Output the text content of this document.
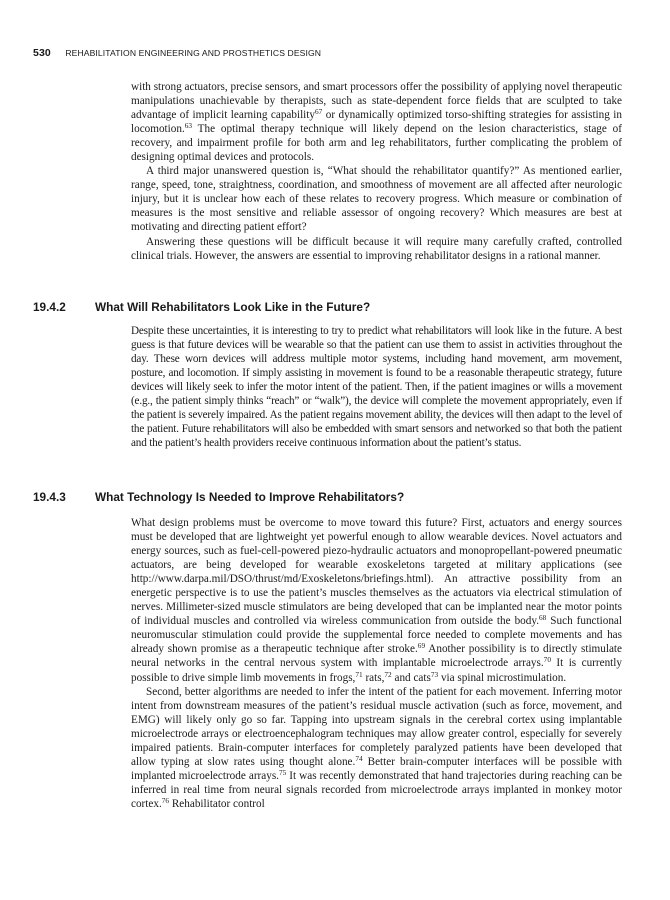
530 REHABILITATION ENGINEERING AND PROSTHETICS DESIGN

with strong actuators, precise sensors, and smart processors offer the possibility of applying novel therapeutic manipulations unachievable by therapists, such as state-dependent force fields that are sculpted to take advantage of implicit learning capability$^{67}$ or dynamically optimized torso-shifting strategies for assisting in locomotion.$^{63}$ The optimal therapy technique will likely depend on the lesion characteristics, stage of recovery, and impairment profile for both arm and leg rehabilitators, further complicating the problem of designing optimal devices and protocols.

A third major unanswered question is, “What should the rehabilitator quantify?” As mentioned earlier, range, speed, tone, straightness, coordination, and smoothness of movement are all affected after neurologic injury, but it is unclear how each of these relates to recovery progress. Which measure or combination of measures is the most sensitive and reliable assessor of ongoing recovery? Which measures are best at motivating and directing patient effort?

Answering these questions will be difficult because it will require many carefully crafted, controlled clinical trials. However, the answers are essential to improving rehabilitator designs in a rational manner.

19.4.2 What Will Rehabilitators Look Like in the Future?

Despite these uncertainties, it is interesting to try to predict what rehabilitators will look like in the future. A best guess is that future devices will be wearable so that the patient can use them to assist in activities throughout the day. These worn devices will address multiple motor systems, including hand movement, arm movement, posture, and locomotion. If simply assisting in movement is found to be a reasonable therapeutic strategy, future devices will likely seek to infer the motor intent of the patient. Then, if the patient imagines or wills a movement (e.g., the patient simply thinks “reach” or “walk”), the device will complete the movement appropriately, even if the patient is severely impaired. As the patient regains movement ability, the devices will then adapt to the level of the patient. Future rehabilitators will also be embedded with smart sensors and networked so that both the patient and the patient’s health providers receive continuous information about the patient’s status.

19.4.3 What Technology Is Needed to Improve Rehabilitators?

What design problems must be overcome to move toward this future? First, actuators and energy sources must be developed that are lightweight yet powerful enough to allow wearable devices. Novel actuators and energy sources, such as fuel-cell-powered piezo-hydraulic actuators and monopropellant-powered pneumatic actuators, are being developed for wearable exoskeletons targeted at military applications (see http://www.darpa.mil/DSO/thrust/md/Exoskeletons/briefings.html). An attractive possibility from an energetic perspective is to use the patient’s muscles themselves as the actuators via electrical stimulation of nerves. Millimeter-sized muscle stimulators are being developed that can be implanted near the motor points of individual muscles and controlled via wireless communication from outside the body.$^{68}$ Such functional neuromuscular stimulation could provide the supplemental force needed to complete movements and has already shown promise as a therapeutic technique after stroke.$^{69}$ Another possibility is to directly stimulate neural networks in the central nervous system with implantable microelectrode arrays.$^{70}$ It is currently possible to drive simple limb movements in frogs,$^{71}$ rats,$^{72}$ and cats$^{73}$ via spinal microstimulation.

Second, better algorithms are needed to infer the intent of the patient for each movement. Inferring motor intent from downstream measures of the patient’s residual muscle activation (such as force, movement, and EMG) will likely only go so far. Tapping into upstream signals in the cerebral cortex using implantable microelectrode arrays or electroencephalogram techniques may allow greater control, especially for severely impaired patients. Brain-computer interfaces for completely paralyzed patients have been developed that allow typing at slow rates using thought alone.$^{74}$ Better brain-computer interfaces will be possible with implanted microelectrode arrays.$^{75}$ It was recently demonstrated that hand trajectories during reaching can be inferred in real time from neural signals recorded from microelectrode arrays implanted in monkey motor cortex.$^{76}$ Rehabilitator control
